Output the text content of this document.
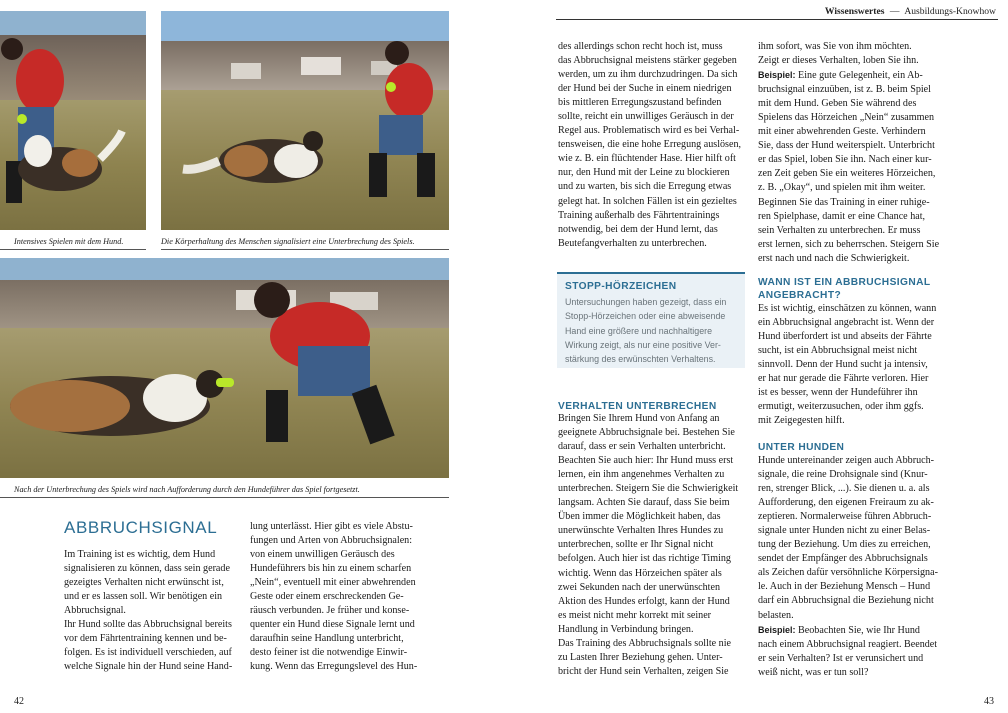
Intensives Spielen mit dem Hund.	Die Körperhaltung des Menschen signalisiert eine Unterbrechung des Spiels.
Nach der Unterbrechung des Spiels wird nach Aufforderung durch den Hundeführer das Spiel fortgesetzt.
Wissenswertes — Ausbildungs-Knowhow
ABBRUCHSIGNAL

Im Training ist es wichtig, dem Hund

signalisieren zu können, dass sein gerade

gezeigtes Verhalten nicht erwünscht ist,

und er es lassen soll. Wir benötigen ein

Abbruchsignal.

Ihr Hund sollte das Abbruchsignal bereits

vor dem Fährtentraining kennen und be-

folgen. Es ist individuell verschieden, auf

welche Signale hin der Hund seine Hand-

lung unterlässt. Hier gibt es viele Abstu-

fungen und Arten von Abbruchsignalen:

von einem unwilligen Geräusch des

Hundeführers bis hin zu einem scharfen

„Nein“, eventuell mit einer abwehrenden

Geste oder einem erschreckenden Ge-

räusch verbunden. Je früher und konse-

quenter ein Hund diese Signale lernt und

daraufhin seine Handlung unterbricht,

desto feiner ist die notwendige Einwir-

kung. Wenn das Erregungslevel des Hun-

42

des allerdings schon recht hoch ist, muss

das Abbruchsignal meistens stärker gegeben

werden, um zu ihm durchzudringen. Da sich

der Hund bei der Suche in einem niedrigen

bis mittleren Erregungszustand befinden

sollte, reicht ein unwilliges Geräusch in der

Regel aus. Problematisch wird es bei Verhal-

tensweisen, die eine hohe Erregung auslösen,

wie z. B. ein flüchtender Hase. Hier hilft oft

nur, den Hund mit der Leine zu blockieren

und zu warten, bis sich die Erregung etwas

gelegt hat. In solchen Fällen ist ein gezieltes

Training außerhalb des Fährtentrainings

notwendig, bei dem der Hund lernt, das

Beutefangverhalten zu unterbrechen.

STOPP-HÖRZEICHEN

Untersuchungen haben gezeigt, dass ein

Stopp-Hörzeichen oder eine abweisende

Hand eine größere und nachhaltigere

Wirkung zeigt, als nur eine positive Ver-

stärkung des erwünschten Verhaltens.

VERHALTEN UNTERBRECHEN

Bringen Sie Ihrem Hund von Anfang an

geeignete Abbruchsignale bei. Bestehen Sie

darauf, dass er sein Verhalten unterbricht.

Beachten Sie auch hier: Ihr Hund muss erst

lernen, ein ihm angenehmes Verhalten zu

unterbrechen. Steigern Sie die Schwierigkeit

langsam. Achten Sie darauf, dass Sie beim

Üben immer die Möglichkeit haben, das

unerwünschte Verhalten Ihres Hundes zu

unterbrechen, sollte er Ihr Signal nicht

befolgen. Auch hier ist das richtige Timing

wichtig. Wenn das Hörzeichen später als

zwei Sekunden nach der unerwünschten

Aktion des Hundes erfolgt, kann der Hund

es meist nicht mehr korrekt mit seiner

Handlung in Verbindung bringen.

Das Training des Abbruchsignals sollte nie

zu Lasten Ihrer Beziehung gehen. Unter-

bricht der Hund sein Verhalten, zeigen Sie

ihm sofort, was Sie von ihm möchten.

Zeigt er dieses Verhalten, loben Sie ihn.

Beispiel: Eine gute Gelegenheit, ein Ab-

bruchsignal einzuüben, ist z. B. beim Spiel

mit dem Hund. Geben Sie während des

Spielens das Hörzeichen „Nein“ zusammen

mit einer abwehrenden Geste. Verhindern

Sie, dass der Hund weiterspielt. Unterbricht

er das Spiel, loben Sie ihn. Nach einer kur-

zen Zeit geben Sie ein weiteres Hörzeichen,

z. B. „Okay“, und spielen mit ihm weiter.

Beginnen Sie das Training in einer ruhige-

ren Spielphase, damit er eine Chance hat,

sein Verhalten zu unterbrechen. Er muss

erst lernen, sich zu beherrschen. Steigern Sie

erst nach und nach die Schwierigkeit.

WANN IST EIN ABBRUCHSIGNAL
ANGEBRACHT?

Es ist wichtig, einschätzen zu können, wann

ein Abbruchsignal angebracht ist. Wenn der

Hund überfordert ist und abseits der Fährte

sucht, ist ein Abbruchsignal meist nicht

sinnvoll. Denn der Hund sucht ja intensiv,

er hat nur gerade die Fährte verloren. Hier

ist es besser, wenn der Hundeführer ihn

ermutigt, weiterzusuchen, oder ihm ggfs.

mit Zeigegesten hilft.

UNTER HUNDEN

Hunde untereinander zeigen auch Abbruch-

signale, die reine Drohsignale sind (Knur-

ren, strenger Blick, ...). Sie dienen u. a. als

Aufforderung, den eigenen Freiraum zu ak-

zeptieren. Normalerweise führen Abbruch-

signale unter Hunden nicht zu einer Belas-

tung der Beziehung. Um dies zu erreichen,

sendet der Empfänger des Abbruchsignals

als Zeichen dafür versöhnliche Körpersigna-

le. Auch in der Beziehung Mensch – Hund

darf ein Abbruchsignal die Beziehung nicht

belasten.

Beispiel: Beobachten Sie, wie Ihr Hund

nach einem Abbruchsignal reagiert. Beendet

er sein Verhalten? Ist er verunsichert und

weiß nicht, was er tun soll?

43
